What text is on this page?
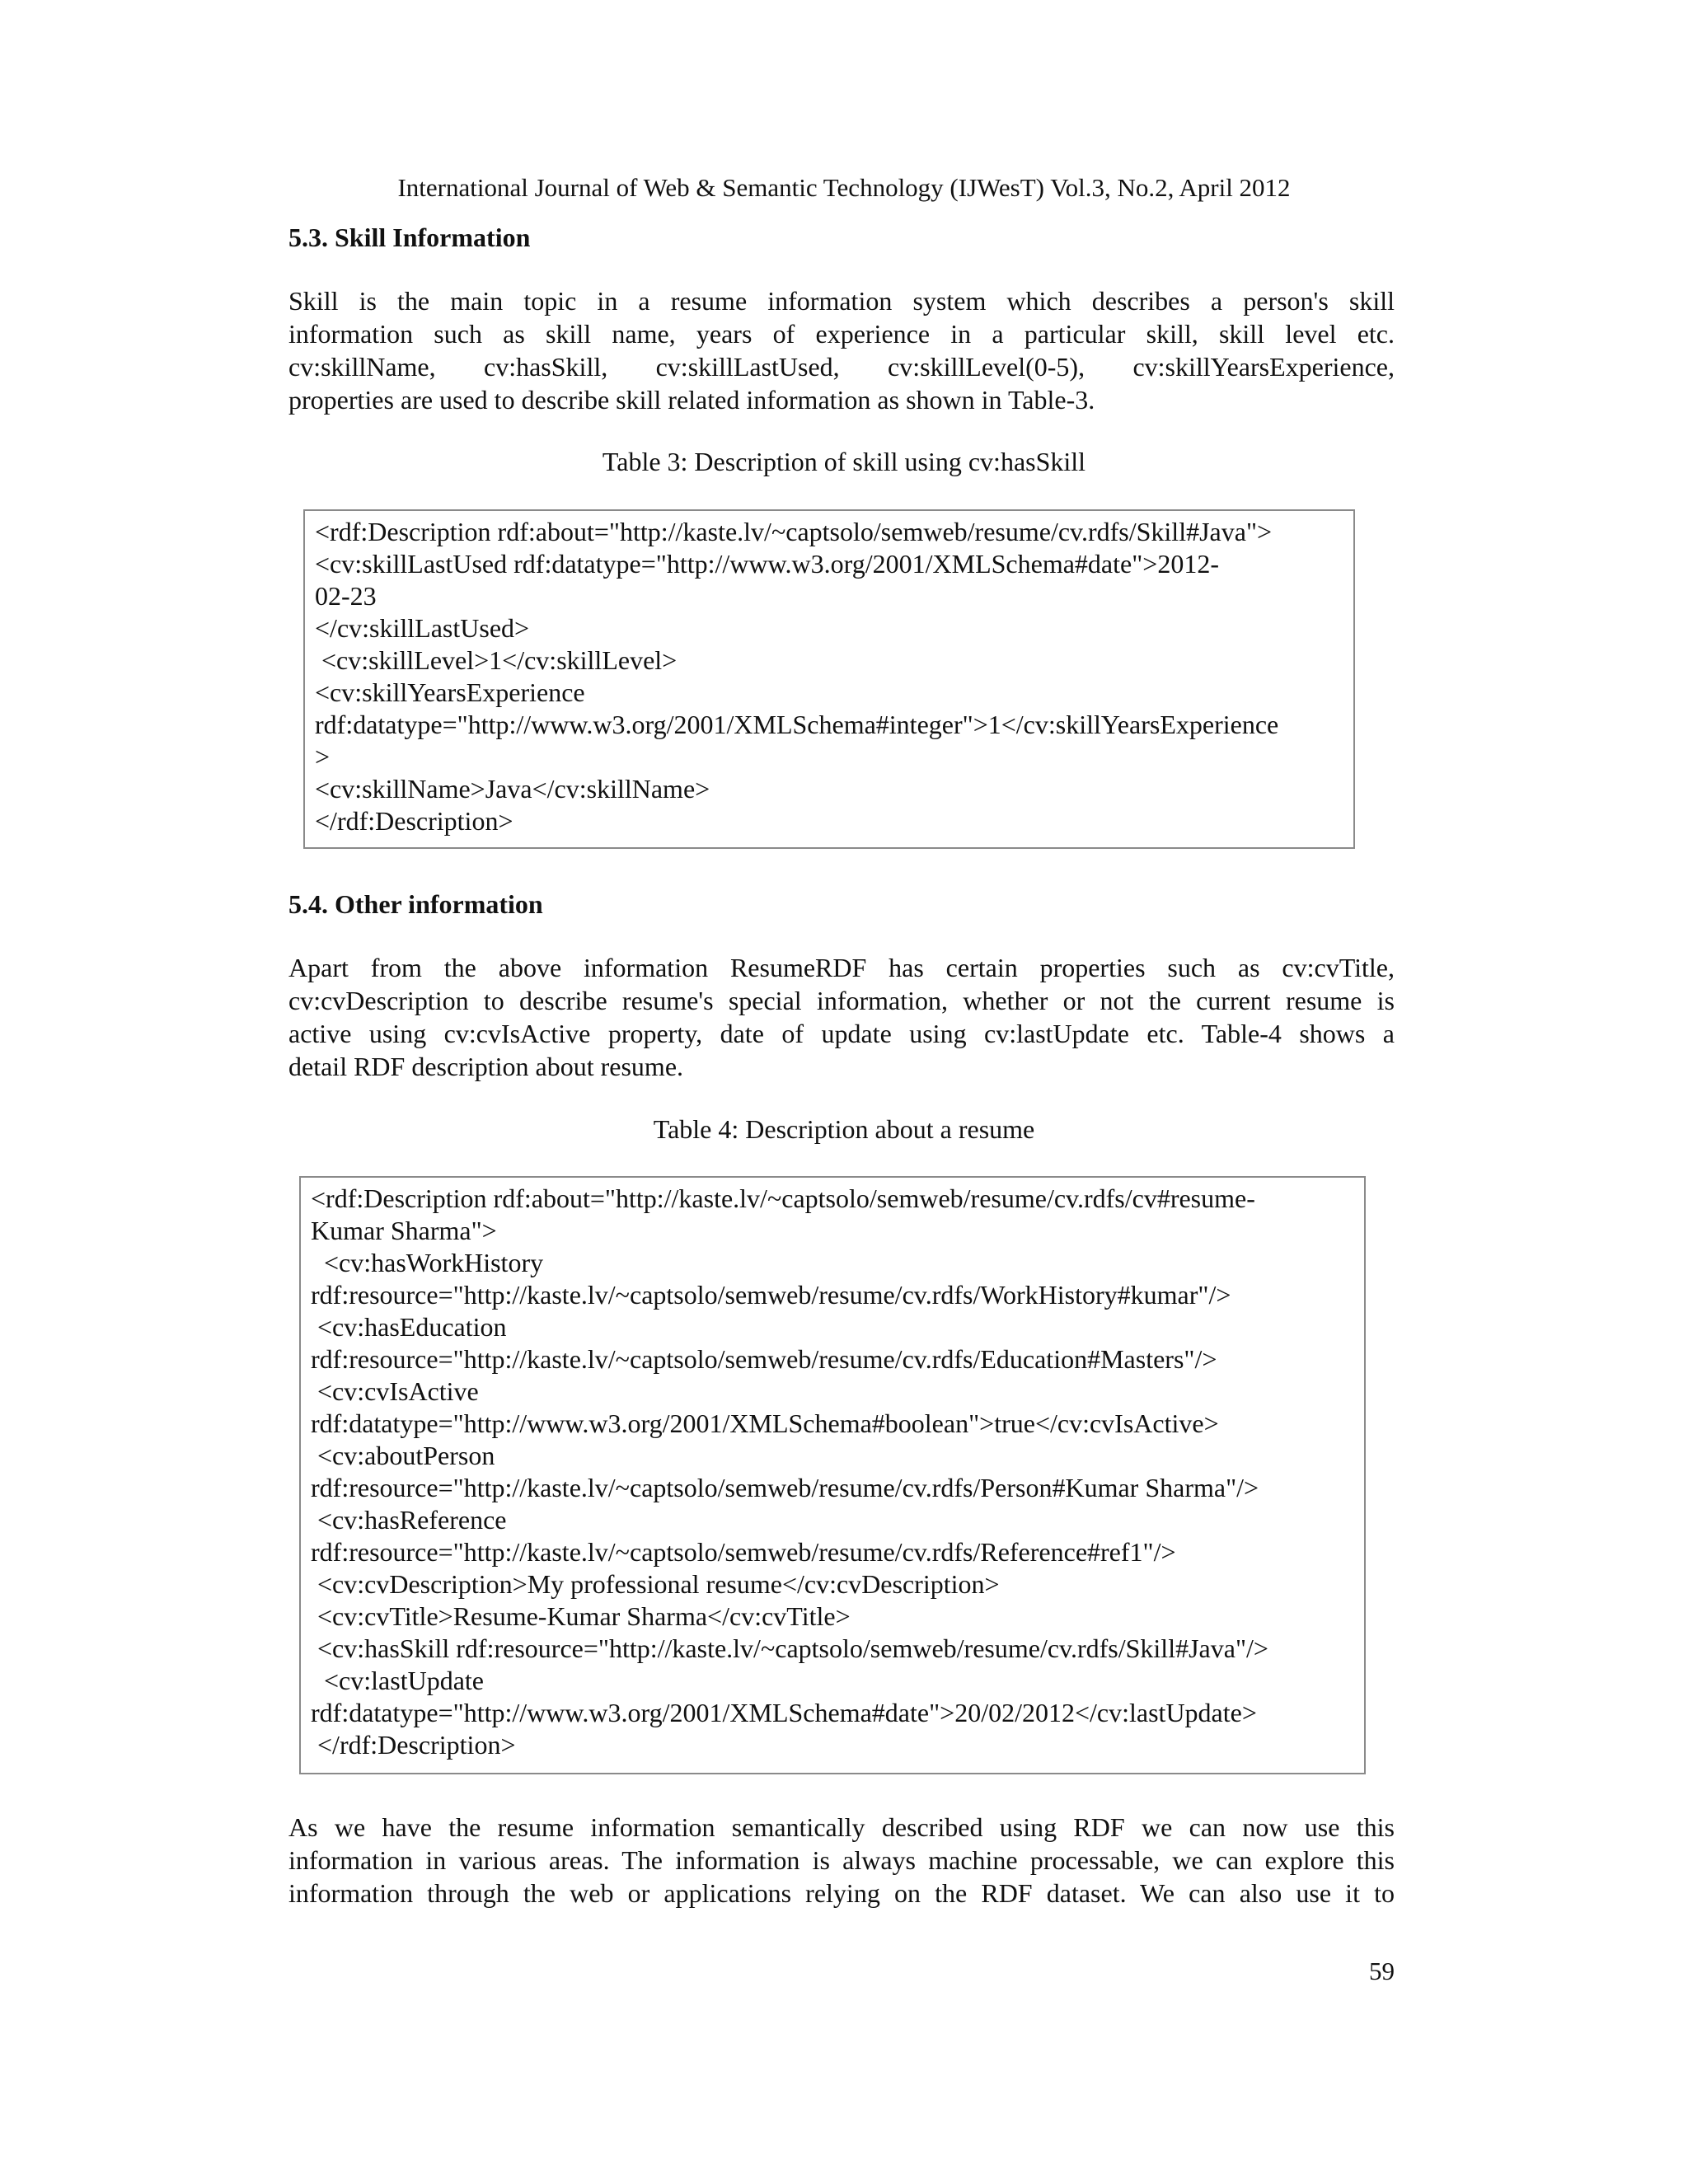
International Journal of Web & Semantic Technology (IJWesT) Vol.3, No.2, April 2012
5.3. Skill Information
Skill is the main topic in a resume information system which describes a person's skill
information such as skill name, years of experience in a particular skill, skill level etc.
cv:skillName, cv:hasSkill, cv:skillLastUsed, cv:skillLevel(0-5), cv:skillYearsExperience,
properties are used to describe skill related information as shown in Table-3.
Table 3: Description of skill using cv:hasSkill
<rdf:Description rdf:about="http://kaste.lv/~captsolo/semweb/resume/cv.rdfs/Skill#Java">
<cv:skillLastUsed rdf:datatype="http://www.w3.org/2001/XMLSchema#date">2012-
02-23
</cv:skillLastUsed>
<cv:skillLevel>1</cv:skillLevel>
<cv:skillYearsExperience
rdf:datatype="http://www.w3.org/2001/XMLSchema#integer">1</cv:skillYearsExperience
>
<cv:skillName>Java</cv:skillName>
</rdf:Description>
5.4. Other information
Apart from the above information ResumeRDF has certain properties such as cv:cvTitle,
cv:cvDescription to describe resume's special information, whether or not the current resume is
active using cv:cvIsActive property, date of update using cv:lastUpdate etc. Table-4 shows a
detail RDF description about resume.
Table 4: Description about a resume
<rdf:Description rdf:about="http://kaste.lv/~captsolo/semweb/resume/cv.rdfs/cv#resume-
Kumar Sharma">
<cv:hasWorkHistory
rdf:resource="http://kaste.lv/~captsolo/semweb/resume/cv.rdfs/WorkHistory#kumar"/>
<cv:hasEducation
rdf:resource="http://kaste.lv/~captsolo/semweb/resume/cv.rdfs/Education#Masters"/>
<cv:cvIsActive
rdf:datatype="http://www.w3.org/2001/XMLSchema#boolean">true</cv:cvIsActive>
<cv:aboutPerson
rdf:resource="http://kaste.lv/~captsolo/semweb/resume/cv.rdfs/Person#Kumar Sharma"/>
<cv:hasReference
rdf:resource="http://kaste.lv/~captsolo/semweb/resume/cv.rdfs/Reference#ref1"/>
<cv:cvDescription>My professional resume</cv:cvDescription>
<cv:cvTitle>Resume-Kumar Sharma</cv:cvTitle>
<cv:hasSkill rdf:resource="http://kaste.lv/~captsolo/semweb/resume/cv.rdfs/Skill#Java"/>
<cv:lastUpdate
rdf:datatype="http://www.w3.org/2001/XMLSchema#date">20/02/2012</cv:lastUpdate>
</rdf:Description>
As we have the resume information semantically described using RDF we can now use this
information in various areas. The information is always machine processable, we can explore this
information through the web or applications relying on the RDF dataset. We can also use it to
59
